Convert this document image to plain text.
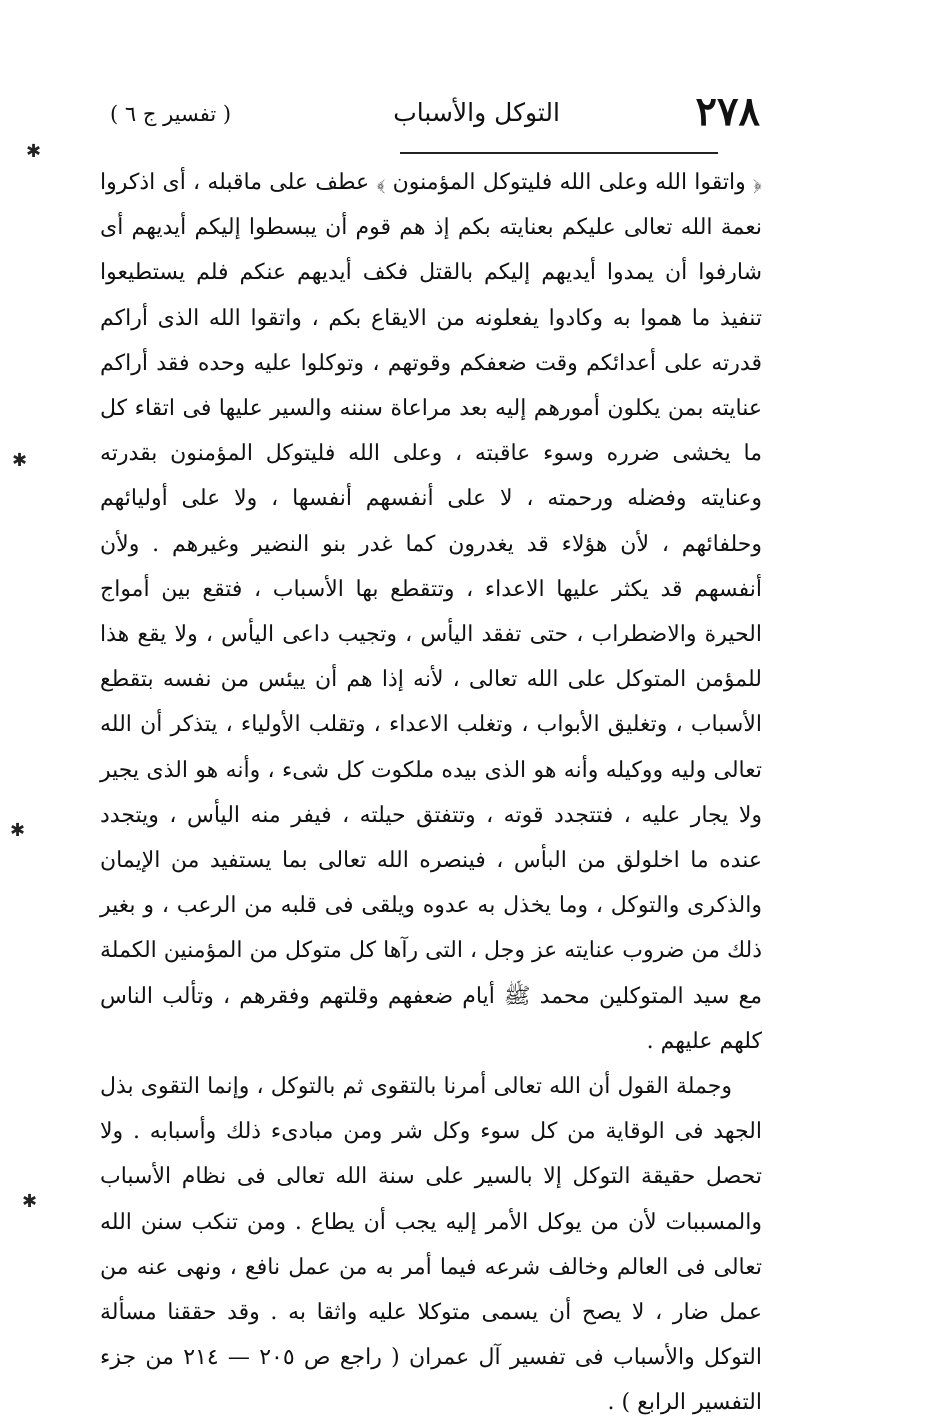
٢٧٨
التوكل والأسباب
( تفسير ج ٦ )

﴿ واتقوا الله وعلى الله فليتوكل المؤمنون ﴾ عطف على ماقبله ، أى اذكروا نعمة الله تعالى عليكم بعنايته بكم إذ هم قوم أن يبسطوا إليكم أيديهم أى شارفوا أن يمدوا أيديهم إليكم بالقتل فكف أيديهم عنكم فلم يستطيعوا تنفيذ ما هموا به وكادوا يفعلونه من الايقاع بكم ، واتقوا الله الذى أراكم قدرته على أعدائكم وقت ضعفكم وقوتهم ، وتوكلوا عليه وحده فقد أراكم عنايته بمن يكلون أمورهم إليه بعد مراعاة سننه والسير عليها فى اتقاء كل ما يخشى ضرره وسوء عاقبته ، وعلى الله فليتوكل المؤمنون بقدرته وعنايته وفضله ورحمته ، لا على أنفسهم أنفسها ، ولا على أوليائهم وحلفائهم ، لأن هؤلاء قد يغدرون كما غدر بنو النضير وغيرهم . ولأن أنفسهم قد يكثر عليها الاعداء ، وتتقطع بها الأسباب ، فتقع بين أمواج الحيرة والاضطراب ، حتى تفقد اليأس ، وتجيب داعى اليأس ، ولا يقع هذا للمؤمن المتوكل على الله تعالى ، لأنه إذا هم أن ييئس من نفسه بتقطع الأسباب ، وتغليق الأبواب ، وتغلب الاعداء ، وتقلب الأولياء ، يتذكر أن الله تعالى وليه ووكيله وأنه هو الذى بيده ملكوت كل شىء ، وأنه هو الذى يجير ولا يجار عليه ، فتتجدد قوته ، وتتفتق حيلته ، فيفر منه اليأس ، ويتجدد عنده ما اخلولق من البأس ، فينصره الله تعالى بما يستفيد من الإيمان والذكرى والتوكل ، وما يخذل به عدوه ويلقى فى قلبه من الرعب ، و بغير ذلك من ضروب عنايته عز وجل ، التى رآها كل متوكل من المؤمنين الكملة مع سيد المتوكلين محمد ﷺ أيام ضعفهم وقلتهم وفقرهم ، وتألب الناس كلهم عليهم .

وجملة القول أن الله تعالى أمرنا بالتقوى ثم بالتوكل ، وإنما التقوى بذل الجهد فى الوقاية من كل سوء وكل شر ومن مبادىء ذلك وأسبابه . ولا تحصل حقيقة التوكل إلا بالسير على سنة الله تعالى فى نظام الأسباب والمسببات لأن من يوكل الأمر إليه يجب أن يطاع . ومن تنكب سنن الله تعالى فى العالم وخالف شرعه فيما أمر به من عمل نافع ، ونهى عنه من عمل ضار ، لا يصح أن يسمى متوكلا عليه واثقا به . وقد حققنا مسألة التوكل والأسباب فى تفسير آل عمران ( راجع ص ٢٠٥ — ٢١٤ من جزء التفسير الرابع ) .

✱
✱
✱
✱
